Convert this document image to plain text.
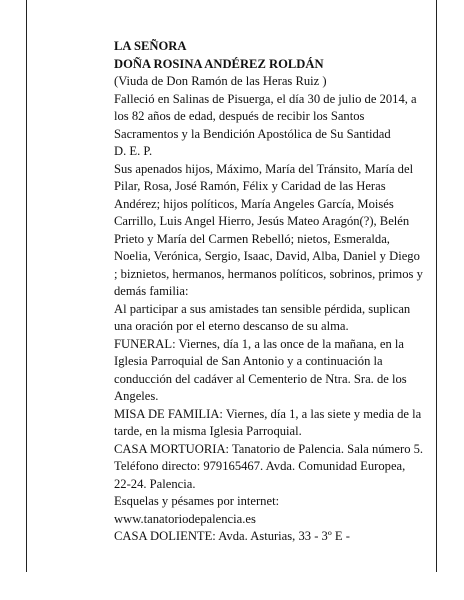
LA SEÑORA

DOÑA ROSINA ANDÉREZ ROLDÁN

(Viuda de Don Ramón de las Heras Ruiz )

Falleció en Salinas de Pisuerga, el día 30 de julio de 2014, a los 82 años de edad, después de recibir los Santos Sacramentos y la Bendición Apostólica de Su Santidad

D. E. P.

Sus apenados hijos, Máximo, María del Tránsito, María del Pilar, Rosa, José Ramón, Félix y Caridad de las Heras Andérez; hijos políticos, María Angeles García, Moisés Carrillo, Luis Angel Hierro, Jesús Mateo Aragón(?), Belén Prieto y María del Carmen Rebelló; nietos, Esmeralda, Noelia, Verónica, Sergio, Isaac, David, Alba, Daniel y Diego ; biznietos, hermanos, hermanos políticos, sobrinos, primos y demás familia:

Al participar a sus amistades tan sensible pérdida, suplican una oración por el eterno descanso de su alma.

FUNERAL: Viernes, día 1, a las once de la mañana, en la Iglesia Parroquial de San Antonio y a continuación la conducción del cadáver al Cementerio de Ntra. Sra. de los Angeles.

MISA DE FAMILIA: Viernes, día 1, a las siete y media de la tarde, en la misma Iglesia Parroquial.

CASA MORTUORIA: Tanatorio de Palencia. Sala número 5. Teléfono directo: 979165467. Avda. Comunidad Europea, 22-24. Palencia.

Esquelas y pésames por internet:

www.tanatoriodepalencia.es

CASA DOLIENTE: Avda. Asturias, 33 - 3º E -
